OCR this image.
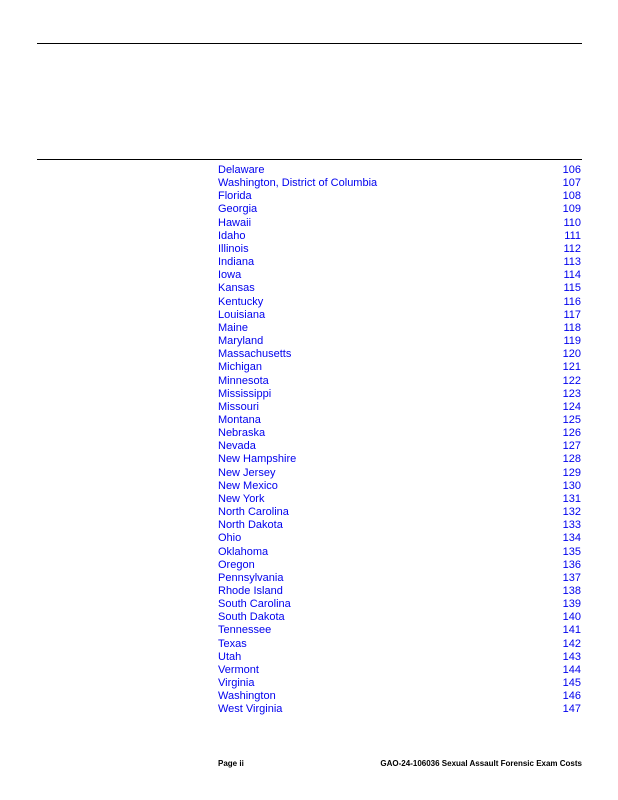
Delaware	106
Washington, District of Columbia	107
Florida	108
Georgia	109
Hawaii	110
Idaho	111
Illinois	112
Indiana	113
Iowa	114
Kansas	115
Kentucky	116
Louisiana	117
Maine	118
Maryland	119
Massachusetts	120
Michigan	121
Minnesota	122
Mississippi	123
Missouri	124
Montana	125
Nebraska	126
Nevada	127
New Hampshire	128
New Jersey	129
New Mexico	130
New York	131
North Carolina	132
North Dakota	133
Ohio	134
Oklahoma	135
Oregon	136
Pennsylvania	137
Rhode Island	138
South Carolina	139
South Dakota	140
Tennessee	141
Texas	142
Utah	143
Vermont	144
Virginia	145
Washington	146
West Virginia	147
Page ii	GAO-24-106036 Sexual Assault Forensic Exam Costs
